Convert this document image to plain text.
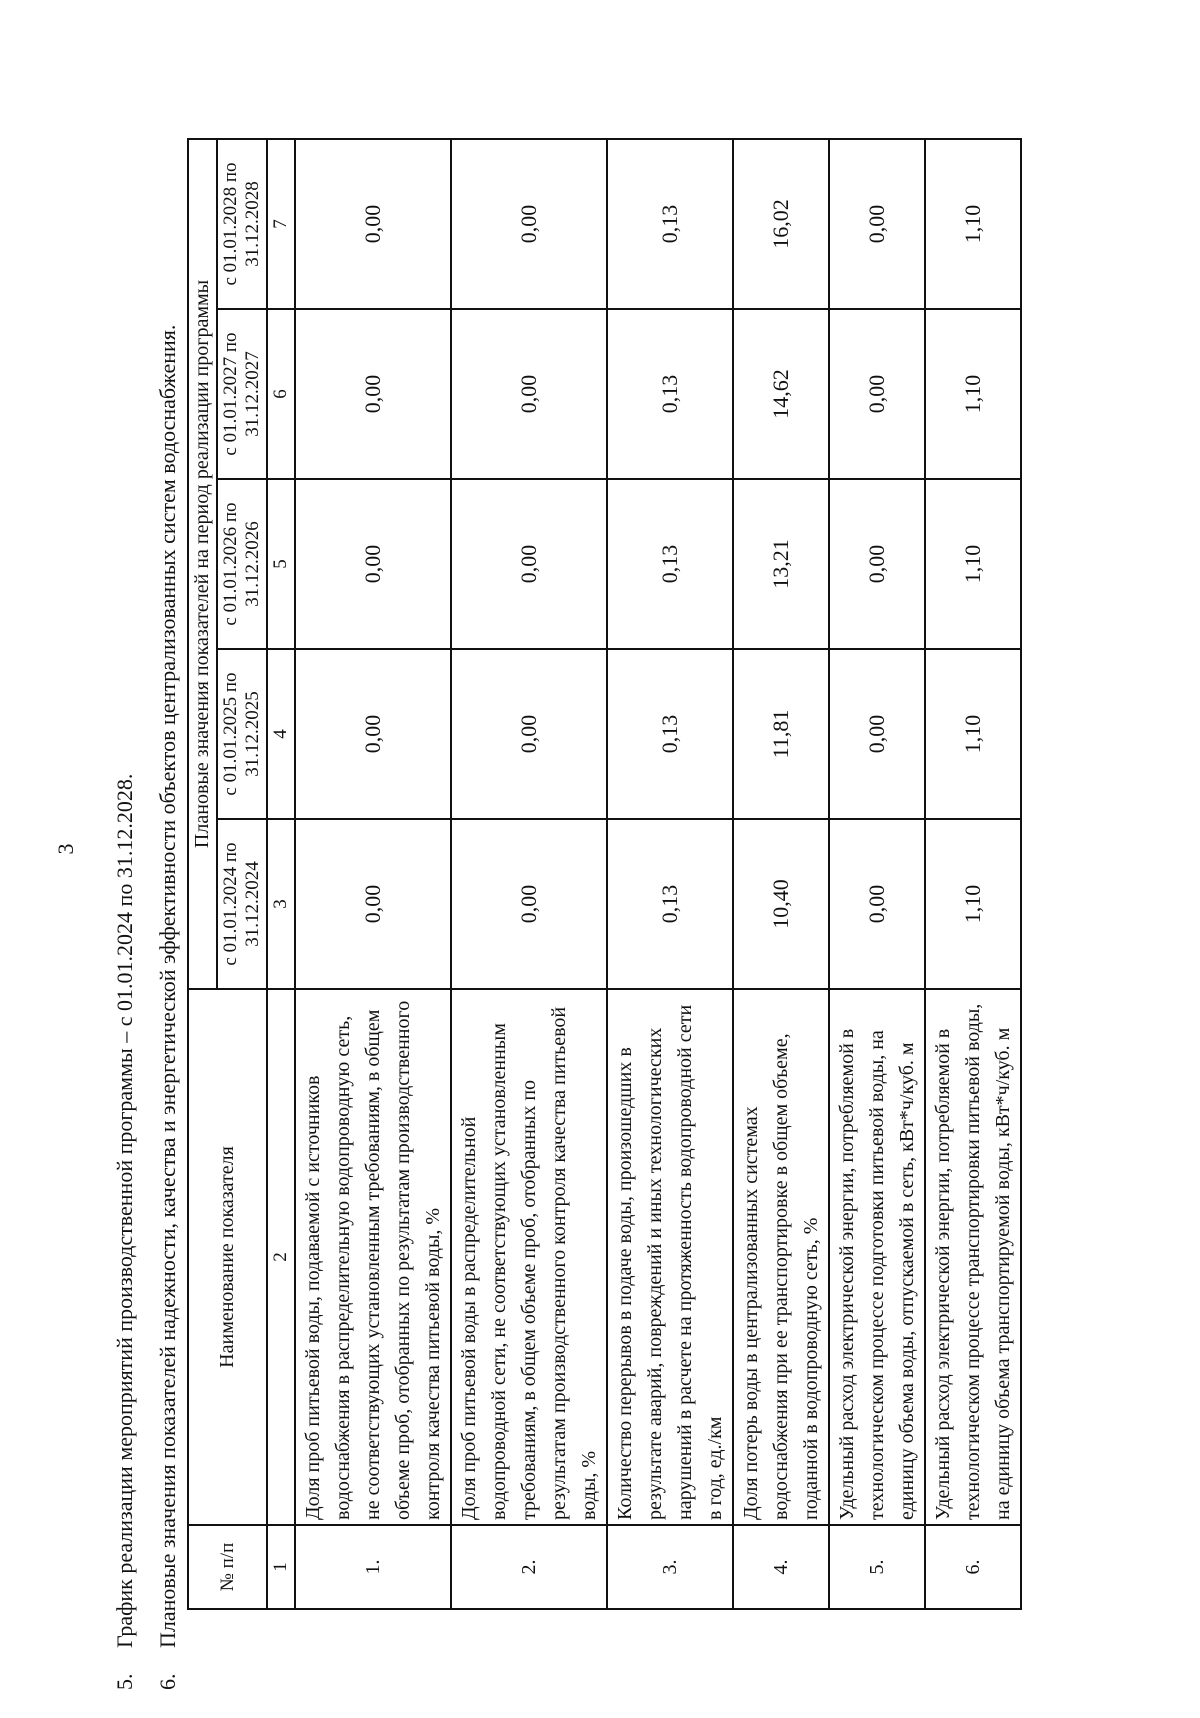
3

5.График реализации мероприятий производственной программы – с 01.01.2024 по 31.12.2028.

6.Плановые значения показателей надежности, качества и энергетической эффективности объектов централизованных систем водоснабжения. № п/п	Наименование показателя	Плановые значения показателей на период реализации программы				
		с 01.01.2024 по 31.12.2024	с 01.01.2025 по 31.12.2025	с 01.01.2026 по 31.12.2026	с 01.01.2027 по 31.12.2027	с 01.01.2028 по 31.12.2028
1	2	3	4	5	6	7
1.	Доля проб питьевой воды, подаваемой с источников водоснабжения в распределительную водопроводную сеть, не соответствующих установленным требованиям, в общем объеме проб, отобранных по результатам производственного контроля качества питьевой воды, %	0,00	0,00	0,00	0,00	0,00
2.	Доля проб питьевой воды в распределительной водопроводной сети, не соответствующих установленным требованиям, в общем объеме проб, отобранных по результатам производственного контроля качества питьевой воды, %	0,00	0,00	0,00	0,00	0,00
3.	Количество перерывов в подаче воды, произошедших в результате аварий, повреждений и иных технологических нарушений в расчете на протяженность водопроводной сети в год, ед./км	0,13	0,13	0,13	0,13	0,13
4.	Доля потерь воды в централизованных системах водоснабжения при ее транспортировке в общем объеме, поданной в водопроводную сеть, %	10,40	11,81	13,21	14,62	16,02
5.	Удельный расход электрической энергии, потребляемой в технологическом процессе подготовки питьевой воды, на единицу объема воды, отпускаемой в сеть, кВт*ч/куб. м	0,00	0,00	0,00	0,00	0,00
6.	Удельный расход электрической энергии, потребляемой в технологическом процессе транспортировки питьевой воды, на единицу объема транспортируемой воды, кВт*ч/куб. м	1,10	1,10	1,10	1,10	1,10
